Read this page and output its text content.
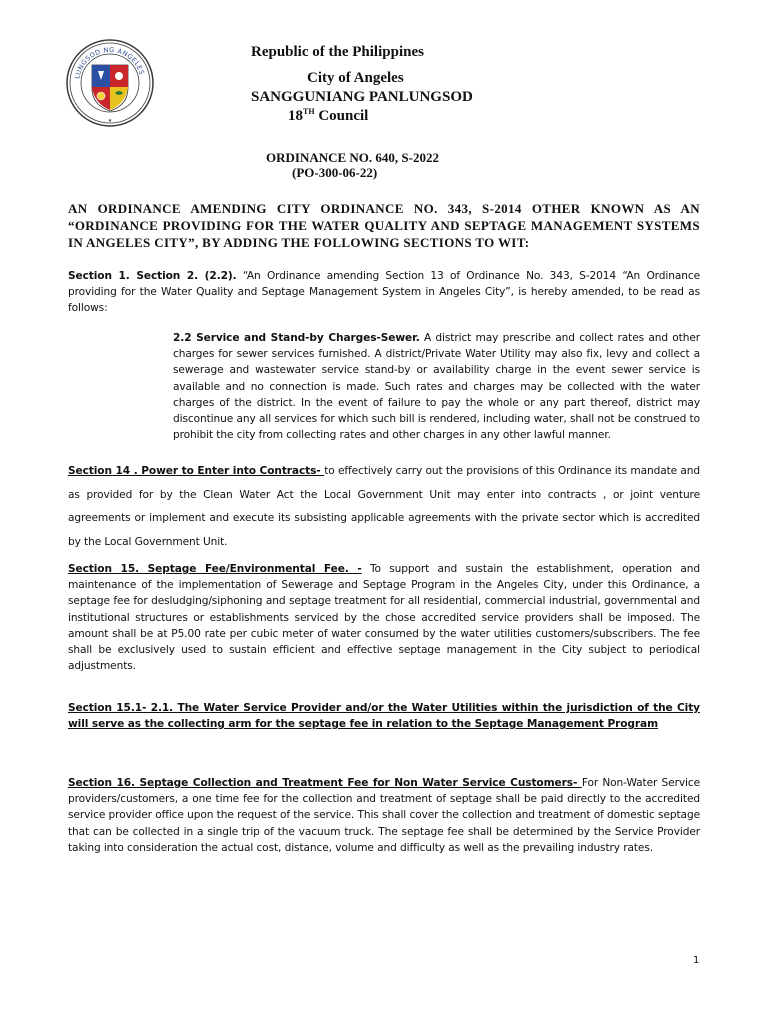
LUNGSOD NG ANGELES
★
Republic of the Philippines
City of Angeles
SANGGUNIANG PANLUNGSOD
18TH Council
ORDINANCE NO. 640, S-2022
(PO-300-06-22)
AN ORDINANCE AMENDING CITY ORDINANCE NO. 343, S-2014 OTHER KNOWN AS AN “ORDINANCE PROVIDING FOR THE WATER QUALITY AND SEPTAGE MANAGEMENT SYSTEMS IN ANGELES CITY”, BY ADDING THE FOLLOWING SECTIONS TO WIT:
Section 1. Section 2. (2.2). “An Ordinance amending Section 13 of Ordinance No. 343, S-2014 “An Ordinance providing for the Water Quality and Septage Management System in Angeles City”, is hereby amended, to be read as follows:
2.2 Service and Stand-by Charges-Sewer. A district may prescribe and collect rates and other charges for sewer services furnished. A district/Private Water Utility may also fix, levy and collect a sewerage and wastewater service stand-by or availability charge in the event sewer service is available and no connection is made. Such rates and charges may be collected with the water charges of the district. In the event of failure to pay the whole or any part thereof, district may discontinue any all services for which such bill is rendered, including water, shall not be construed to prohibit the city from collecting rates and other charges in any other lawful manner.
Section 14 . Power to Enter into Contracts- to effectively carry out the provisions of this Ordinance its mandate and as provided for by the Clean Water Act the Local Government Unit may enter into contracts , or joint venture agreements or implement and execute its subsisting applicable agreements with the private sector which is accredited by the Local Government Unit.
Section 15. Septage Fee/Environmental Fee. - To support and sustain the establishment, operation and maintenance of the implementation of Sewerage and Septage Program in the Angeles City, under this Ordinance, a septage fee for desludging/siphoning and septage treatment for all residential, commercial industrial, governmental and institutional structures or establishments serviced by the chose accredited service providers shall be imposed. The amount shall be at P5.00 rate per cubic meter of water consumed by the water utilities customers/subscribers. The fee shall be exclusively used to sustain efficient and effective septage management in the City subject to periodical adjustments.
Section 15.1- 2.1. The Water Service Provider and/or the Water Utilities within the jurisdiction of the City will serve as the collecting arm for the septage fee in relation to the Septage Management Program
Section 16. Septage Collection and Treatment Fee for Non Water Service Customers- For Non-Water Service providers/customers, a one time fee for the collection and treatment of septage shall be paid directly to the accredited service provider office upon the request of the service. This shall cover the collection and treatment of domestic septage that can be collected in a single trip of the vacuum truck. The septage fee shall be determined by the Service Provider taking into consideration the actual cost, distance, volume and difficulty as well as the prevailing industry rates.
1
